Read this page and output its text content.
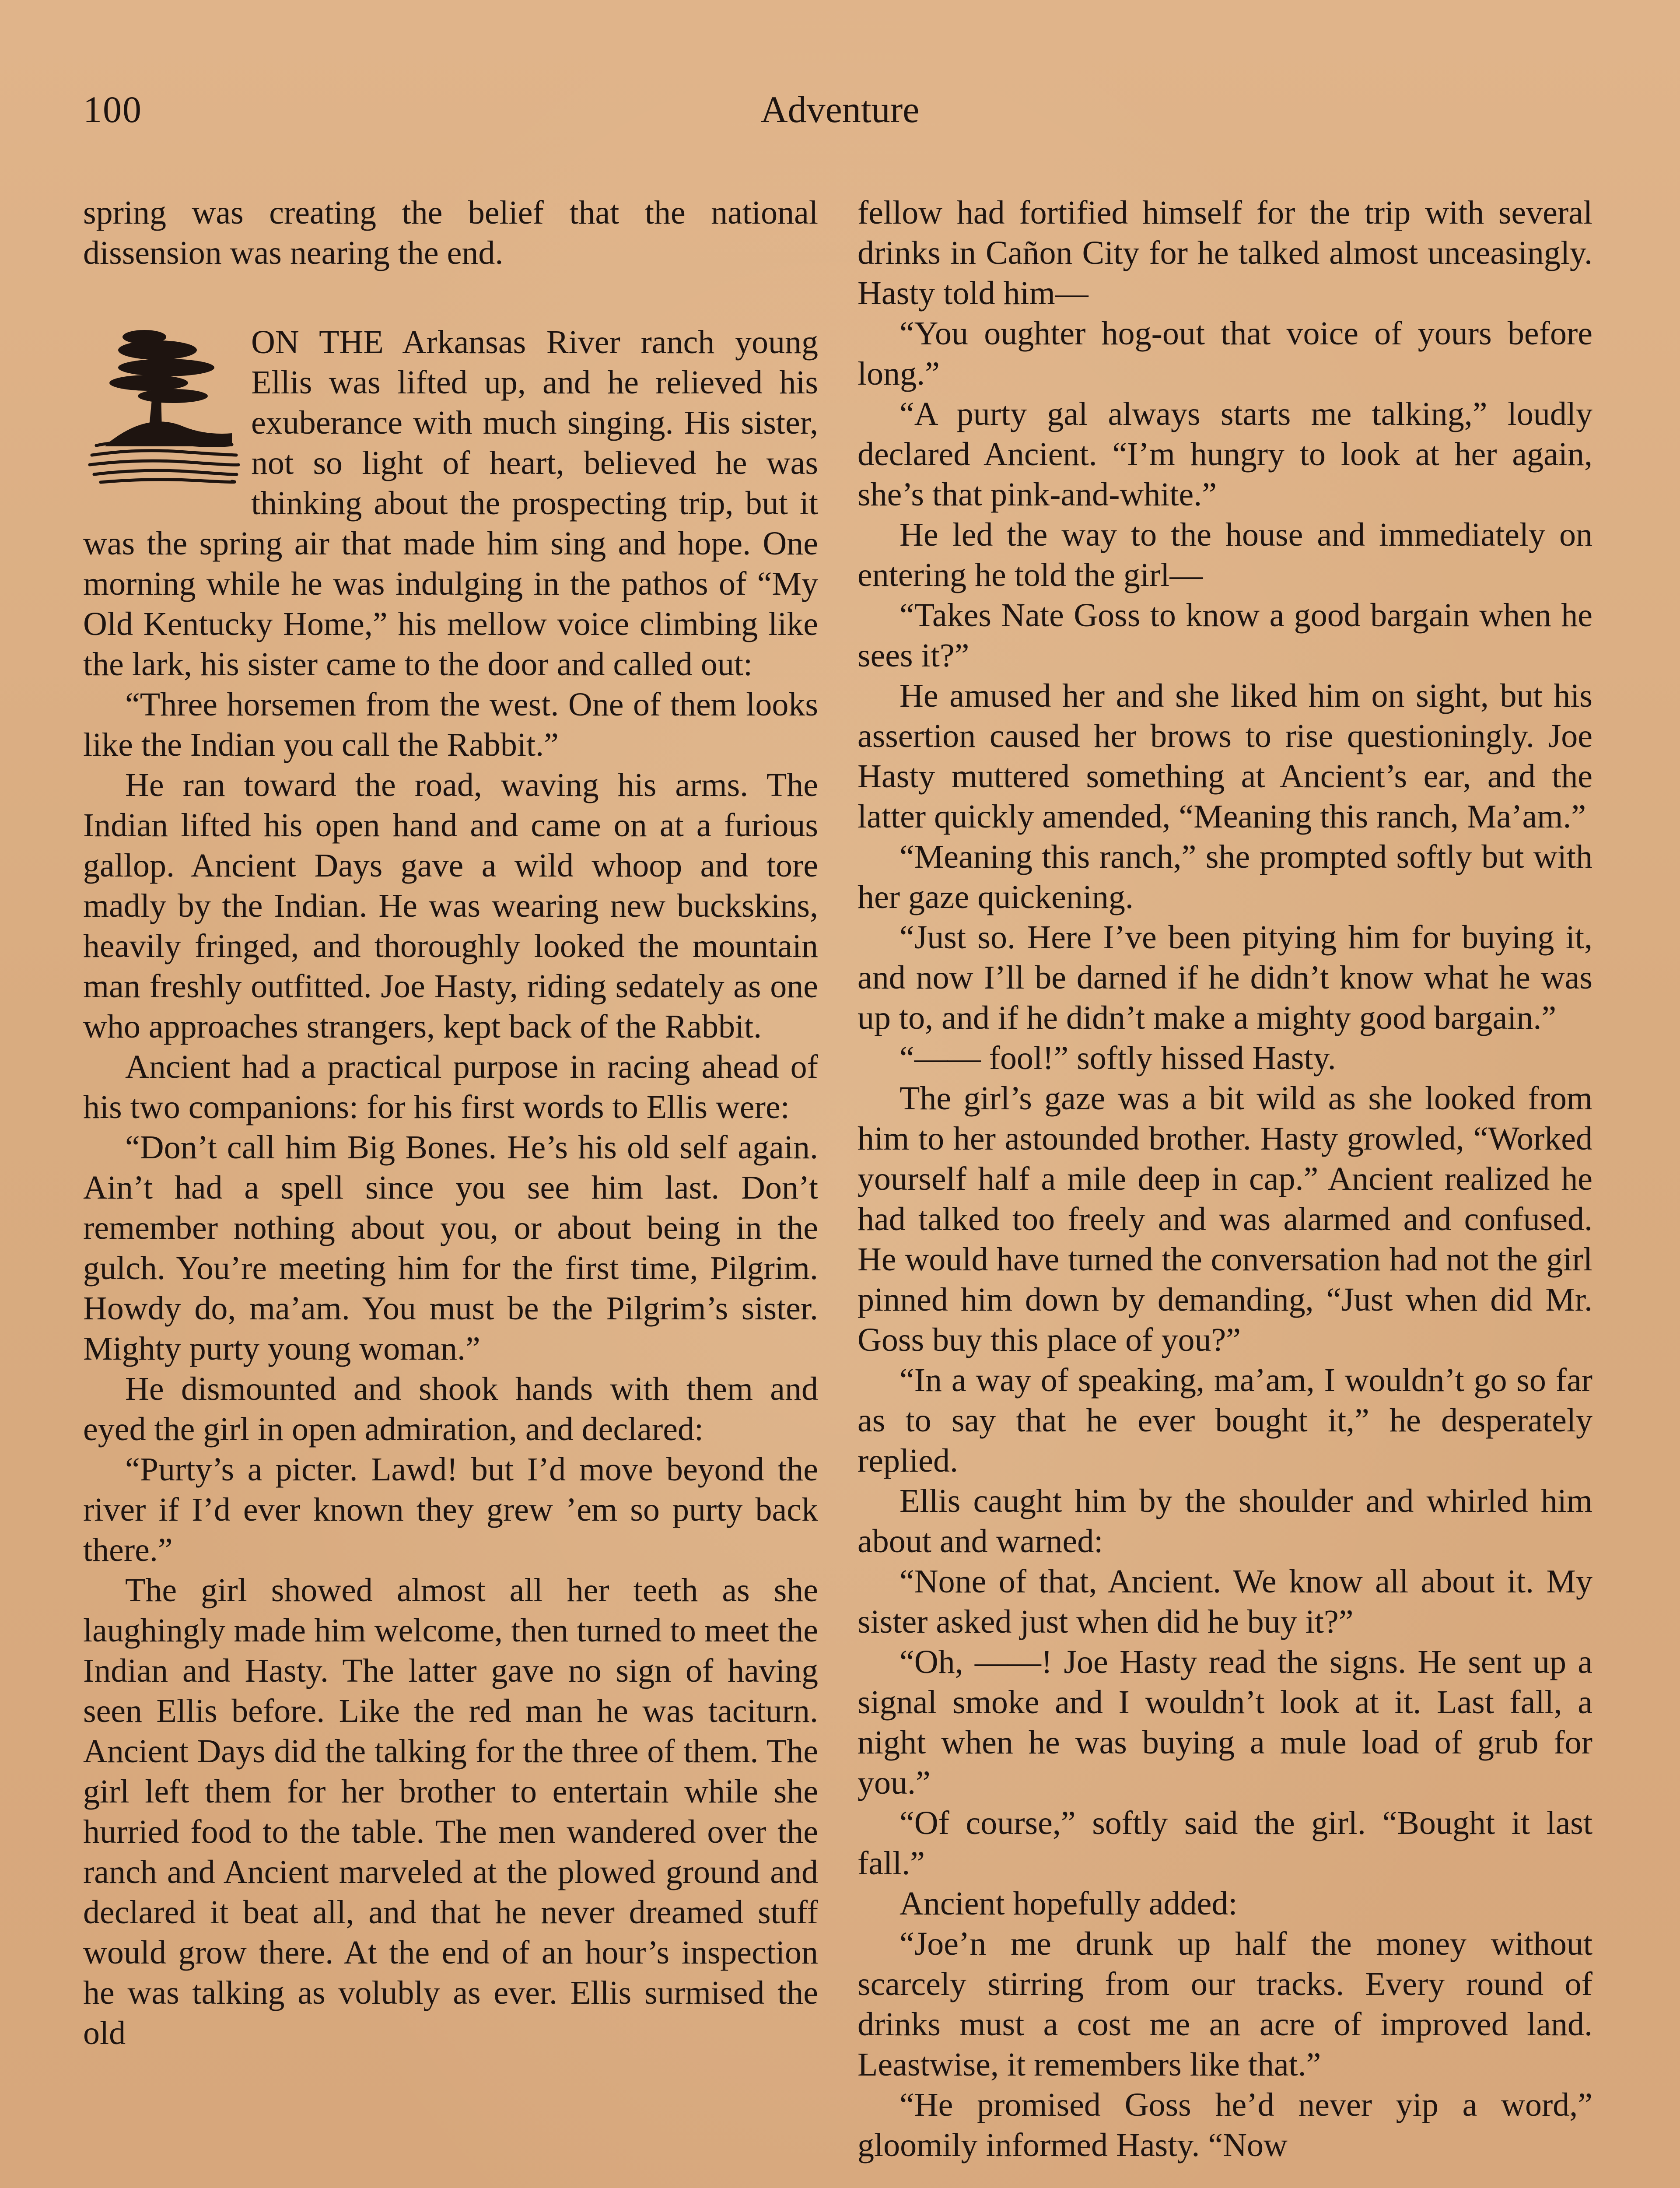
100	Adventure

spring was creating the belief that the national dissension was nearing the end.

ON THE Arkansas River ranch young Ellis was lifted up, and he relieved his exuberance with much singing. His sister, not so light of heart, believed he was thinking about the prospecting trip, but it was the spring air that made him sing and hope. One morning while he was indulging in the pathos of “My Old Kentucky Home,” his mellow voice climbing like the lark, his sister came to the door and called out:

“Three horsemen from the west. One of them looks like the Indian you call the Rabbit.”

He ran toward the road, waving his arms. The Indian lifted his open hand and came on at a furious gallop. Ancient Days gave a wild whoop and tore madly by the Indian. He was wearing new buckskins, heavily fringed, and thoroughly looked the mountain man freshly outfitted. Joe Hasty, riding sedately as one who approaches strangers, kept back of the Rabbit.

Ancient had a practical purpose in racing ahead of his two companions: for his first words to Ellis were:

“Don’t call him Big Bones. He’s his old self again. Ain’t had a spell since you see him last. Don’t remember nothing about you, or about being in the gulch. You’re meeting him for the first time, Pilgrim. Howdy do, ma’am. You must be the Pilgrim’s sister. Mighty purty young woman.”

He dismounted and shook hands with them and eyed the girl in open admiration, and declared:

“Purty’s a picter. Lawd! but I’d move beyond the river if I’d ever known they grew ’em so purty back there.”

The girl showed almost all her teeth as she laughingly made him welcome, then turned to meet the Indian and Hasty. The latter gave no sign of having seen Ellis before. Like the red man he was taciturn. Ancient Days did the talking for the three of them. The girl left them for her brother to entertain while she hurried food to the table. The men wandered over the ranch and Ancient marveled at the plowed ground and declared it beat all, and that he never dreamed stuff would grow there. At the end of an hour’s inspection he was talking as volubly as ever. Ellis surmised the old

fellow had fortified himself for the trip with several drinks in Cañon City for he talked almost unceasingly. Hasty told him—

“You oughter hog-out that voice of yours before long.”

“A purty gal always starts me talking,” loudly declared Ancient. “I’m hungry to look at her again, she’s that pink-and-white.”

He led the way to the house and immediately on entering he told the girl—

“Takes Nate Goss to know a good bargain when he sees it?”

He amused her and she liked him on sight, but his assertion caused her brows to rise questioningly. Joe Hasty muttered something at Ancient’s ear, and the latter quickly amended, “Meaning this ranch, Ma’am.”

“Meaning this ranch,” she prompted softly but with her gaze quickening.

“Just so. Here I’ve been pitying him for buying it, and now I’ll be darned if he didn’t know what he was up to, and if he didn’t make a mighty good bargain.”

“—— fool!” softly hissed Hasty.

The girl’s gaze was a bit wild as she looked from him to her astounded brother. Hasty growled, “Worked yourself half a mile deep in cap.” Ancient realized he had talked too freely and was alarmed and confused. He would have turned the conversation had not the girl pinned him down by demanding, “Just when did Mr. Goss buy this place of you?”

“In a way of speaking, ma’am, I wouldn’t go so far as to say that he ever bought it,” he desperately replied.

Ellis caught him by the shoulder and whirled him about and warned:

“None of that, Ancient. We know all about it. My sister asked just when did he buy it?”

“Oh, ——! Joe Hasty read the signs. He sent up a signal smoke and I wouldn’t look at it. Last fall, a night when he was buying a mule load of grub for you.”

“Of course,” softly said the girl. “Bought it last fall.”

Ancient hopefully added:

“Joe’n me drunk up half the money without scarcely stirring from our tracks. Every round of drinks must a cost me an acre of improved land. Leastwise, it remembers like that.”

“He promised Goss he’d never yip a word,” gloomily informed Hasty. “Now
